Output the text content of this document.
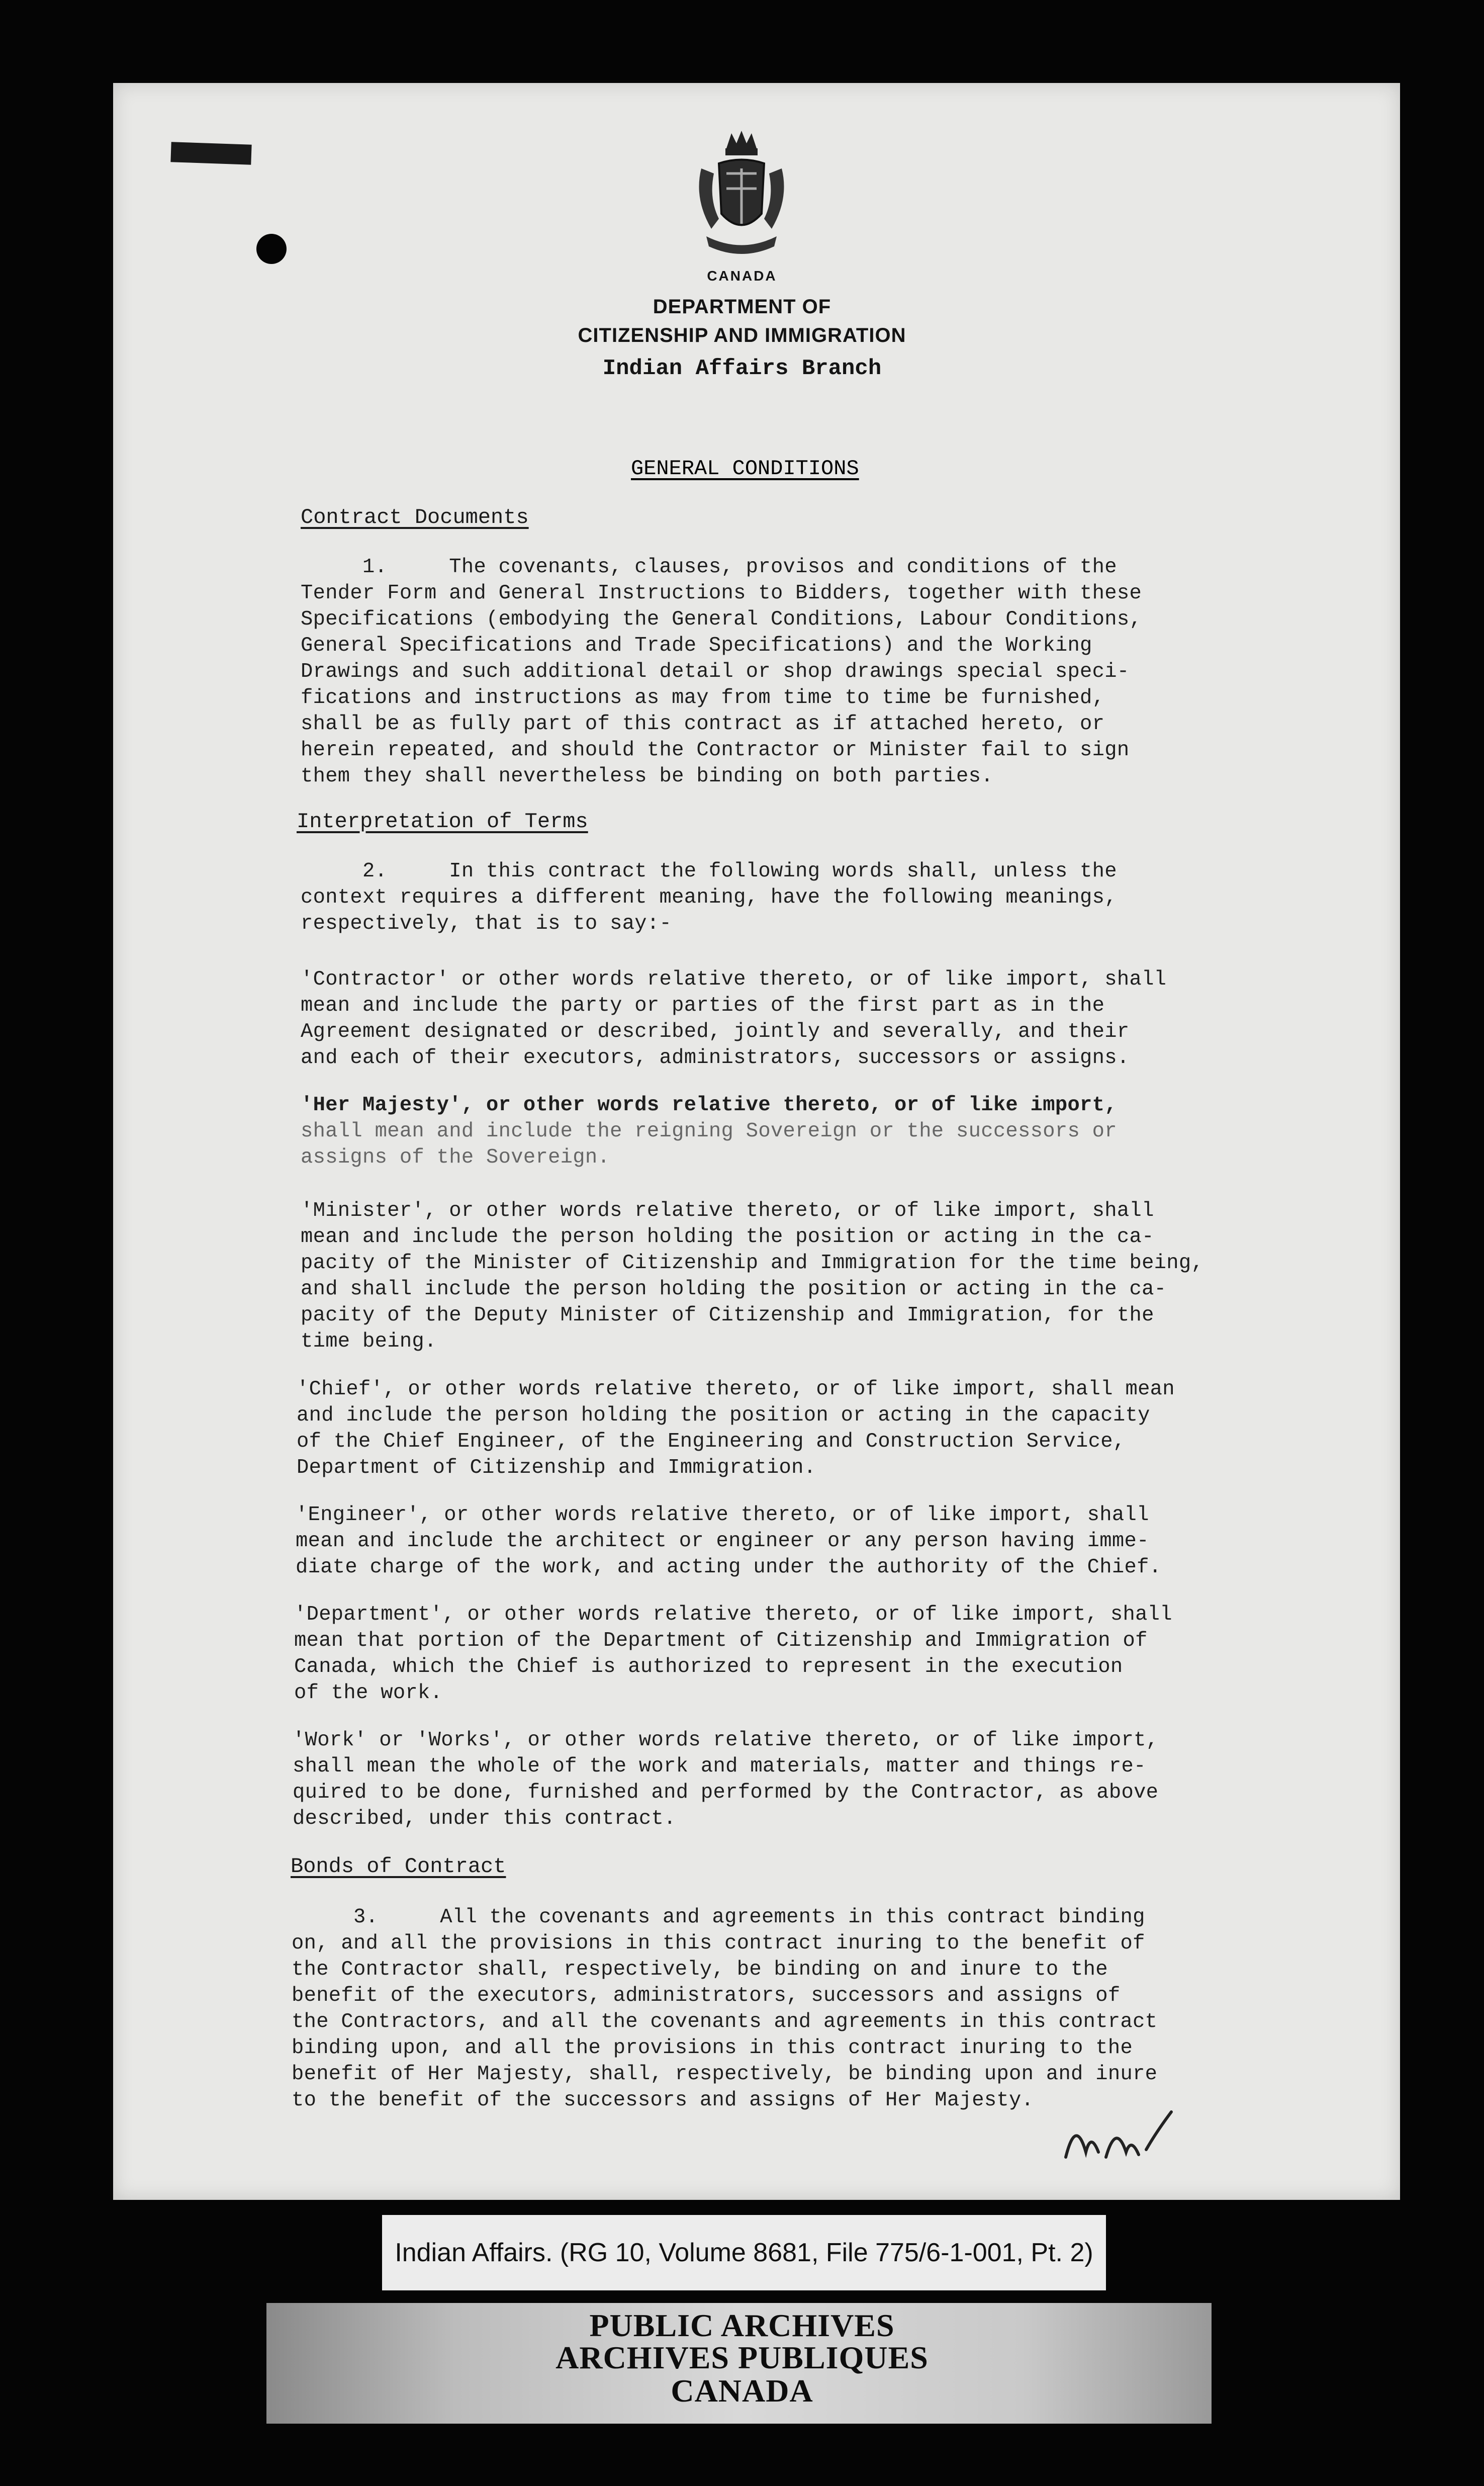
CANADA
DEPARTMENT OF
CITIZENSHIP AND IMMIGRATION
Indian Affairs Branch
GENERAL CONDITIONS
Contract Documents
1.     The covenants, clauses, provisos and conditions of the
Tender Form and General Instructions to Bidders, together with these
Specifications (embodying the General Conditions, Labour Conditions,
General Specifications and Trade Specifications) and the Working
Drawings and such additional detail or shop drawings special speci-
fications and instructions as may from time to time be furnished,
shall be as fully part of this contract as if attached hereto, or
herein repeated, and should the Contractor or Minister fail to sign
them they shall nevertheless be binding on both parties.
Interpretation of Terms
2.     In this contract the following words shall, unless the
context requires a different meaning, have the following meanings,
respectively, that is to say:-
'Contractor' or other words relative thereto, or of like import, shall
mean and include the party or parties of the first part as in the
Agreement designated or described, jointly and severally, and their
and each of their executors, administrators, successors or assigns.
'Her Majesty', or other words relative thereto, or of like import,
shall mean and include the reigning Sovereign or the successors or
assigns of the Sovereign.
'Minister', or other words relative thereto, or of like import, shall
mean and include the person holding the position or acting in the ca-
pacity of the Minister of Citizenship and Immigration for the time being,
and shall include the person holding the position or acting in the ca-
pacity of the Deputy Minister of Citizenship and Immigration, for the
time being.
'Chief', or other words relative thereto, or of like import, shall mean
and include the person holding the position or acting in the capacity
of the Chief Engineer, of the Engineering and Construction Service,
Department of Citizenship and Immigration.
'Engineer', or other words relative thereto, or of like import, shall
mean and include the architect or engineer or any person having imme-
diate charge of the work, and acting under the authority of the Chief.
'Department', or other words relative thereto, or of like import, shall
mean that portion of the Department of Citizenship and Immigration of
Canada, which the Chief is authorized to represent in the execution
of the work.
'Work' or 'Works', or other words relative thereto, or of like import,
shall mean the whole of the work and materials, matter and things re-
quired to be done, furnished and performed by the Contractor, as above
described, under this contract.
Bonds of Contract
3.     All the covenants and agreements in this contract binding
on, and all the provisions in this contract inuring to the benefit of
the Contractor shall, respectively, be binding on and inure to the
benefit of the executors, administrators, successors and assigns of
the Contractors, and all the covenants and agreements in this contract
binding upon, and all the provisions in this contract inuring to the
benefit of Her Majesty, shall, respectively, be binding upon and inure
to the benefit of the successors and assigns of Her Majesty.
Indian Affairs. (RG 10, Volume 8681, File 775/6-1-001, Pt. 2)
PUBLIC ARCHIVES
ARCHIVES PUBLIQUES
CANADA
